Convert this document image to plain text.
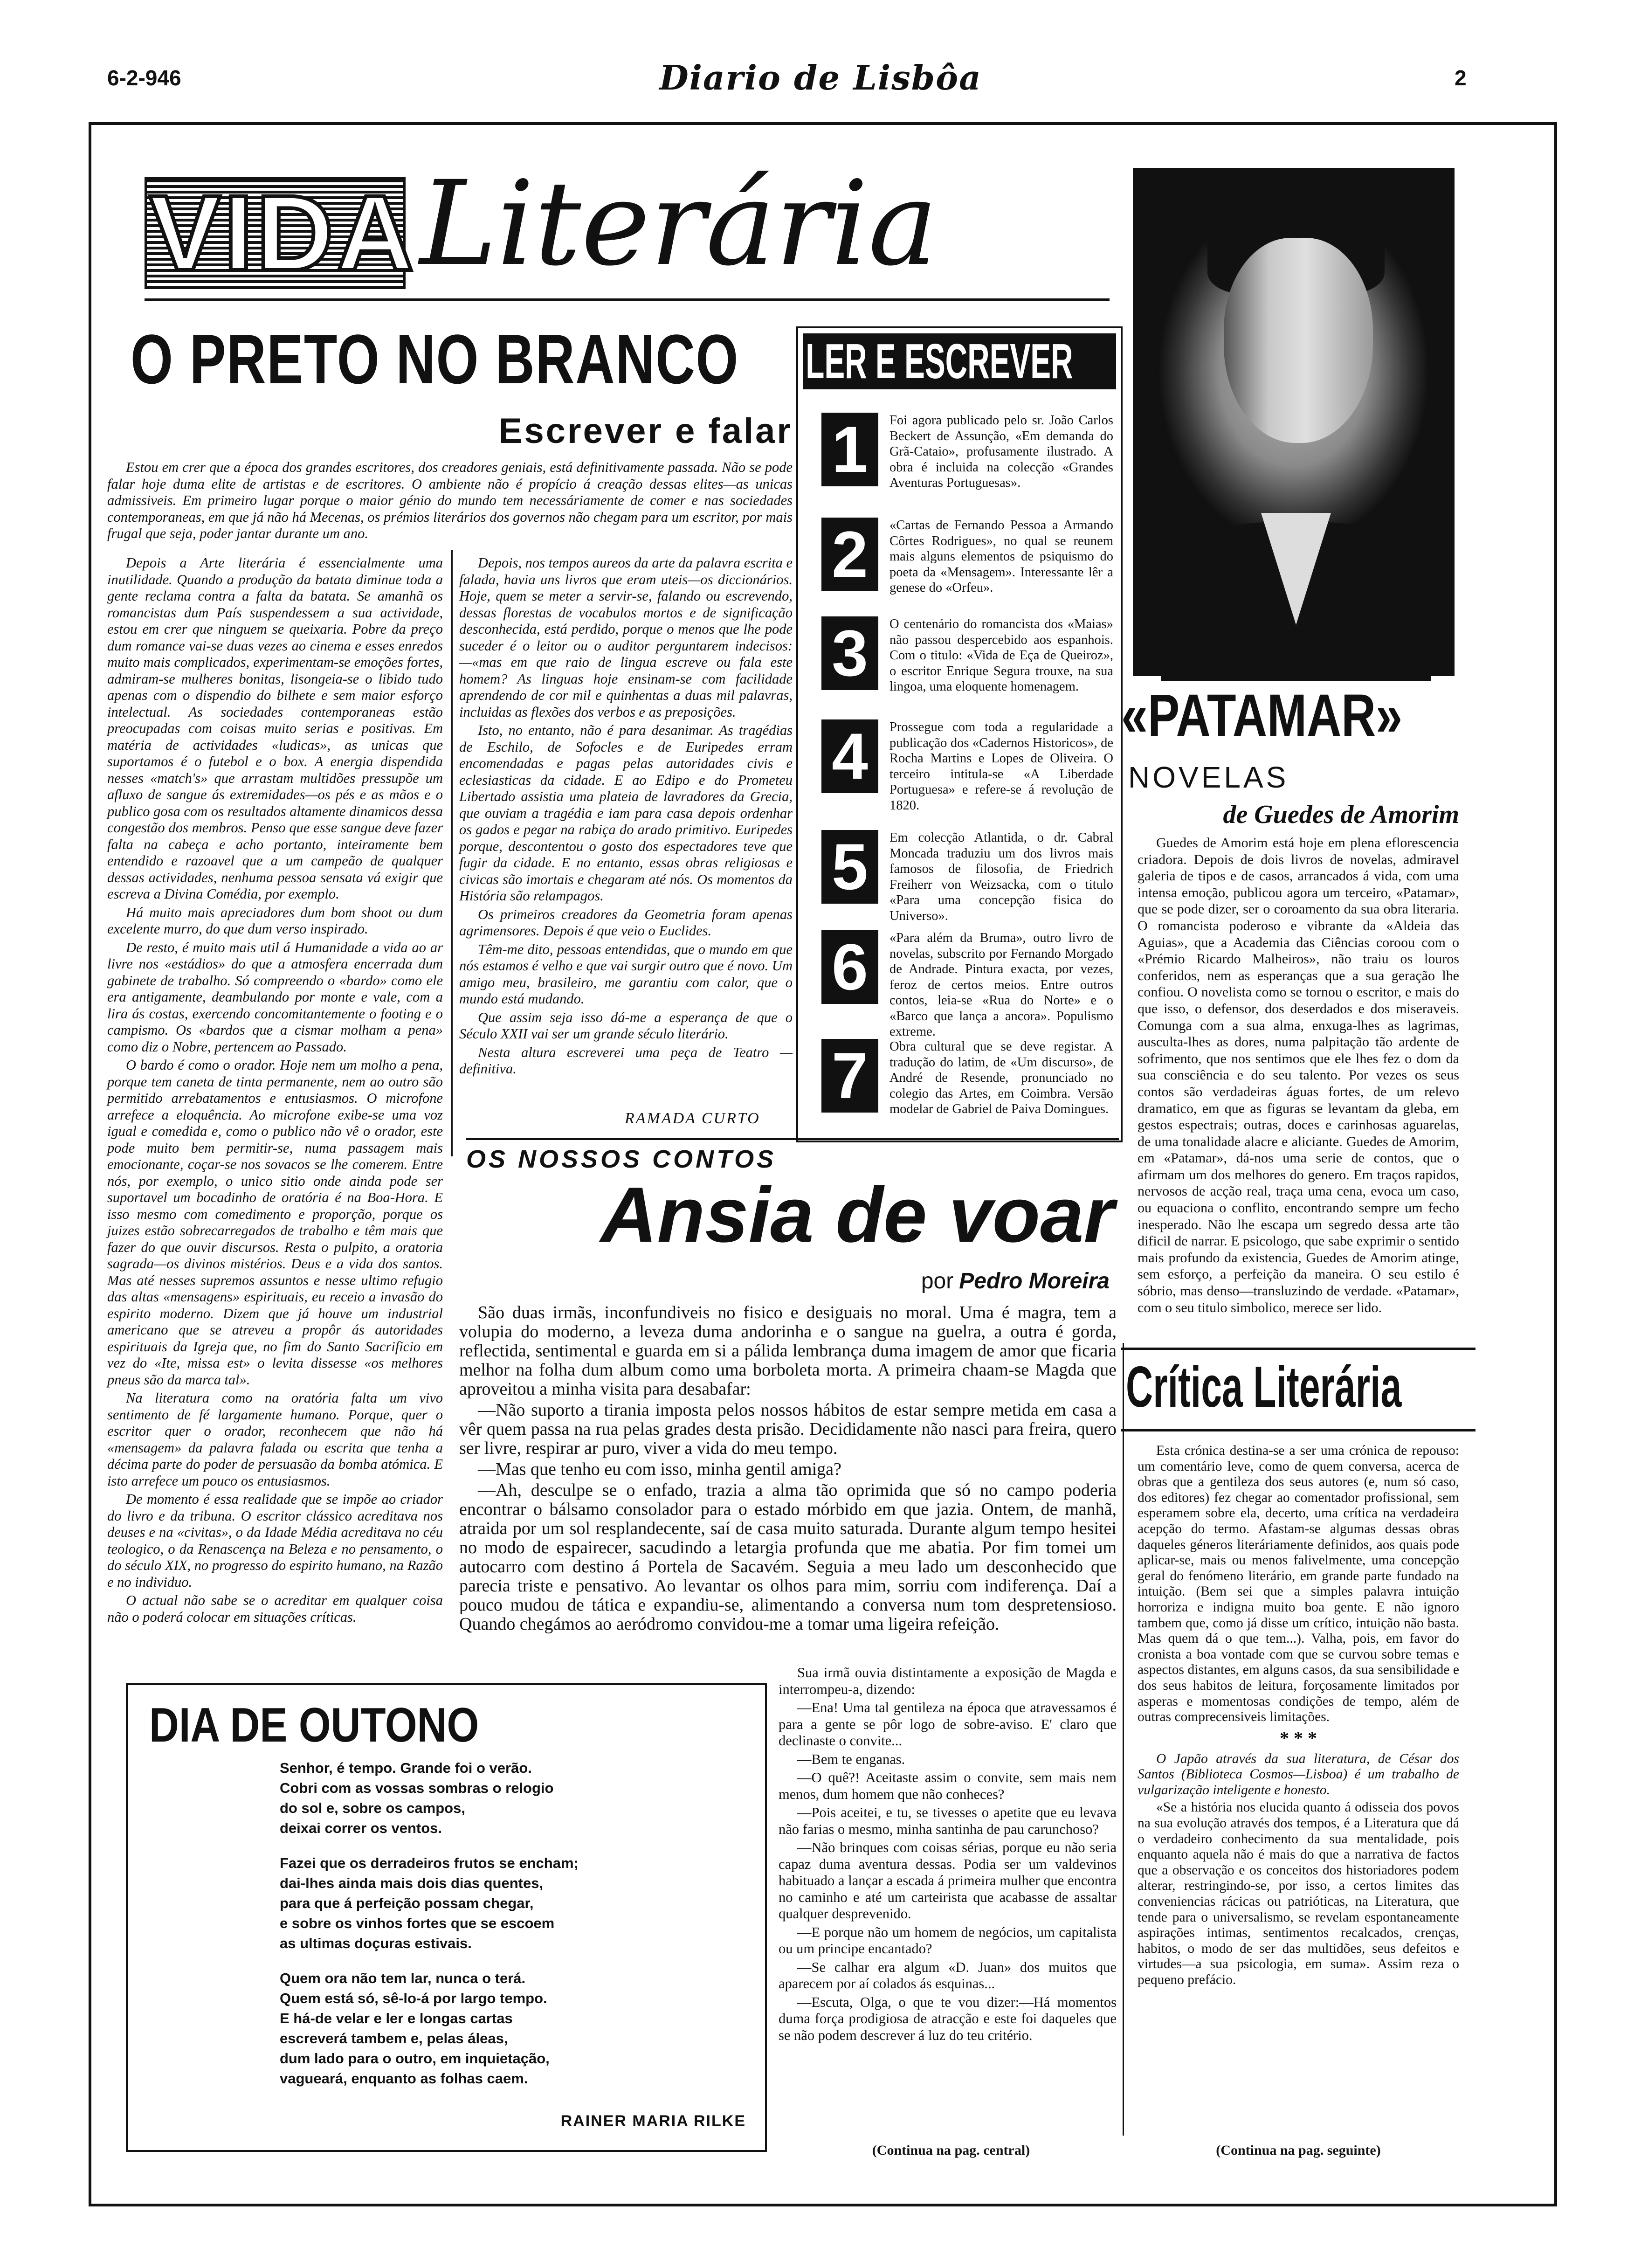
6-2-946	Diario de Lisbôa	2
VIDA Literária
O PRETO NO BRANCO
Escrever e falar

Estou em crer que a época dos grandes escritores, dos creadores geniais, está definitivamente passada. Não se pode falar hoje duma elite de artistas e de escritores. O ambiente não é propício á creação dessas elites—as unicas admissiveis. Em primeiro lugar porque o maior génio do mundo tem necessáriamente de comer e nas sociedades contemporaneas, em que já não há Mecenas, os prémios literários dos governos não chegam para um escritor, por mais frugal que seja, poder jantar durante um ano.

Depois a Arte literária é essencialmente uma inutilidade. Quando a produção da batata diminue toda a gente reclama contra a falta da batata. Se amanhã os romancistas dum País suspendessem a sua actividade, estou em crer que ninguem se queixaria. Pobre da preço dum romance vai-se duas vezes ao cinema e esses enredos muito mais complicados, experimentam-se emoções fortes, admiram-se mulheres bonitas, lisongeia-se o libido tudo apenas com o dispendio do bilhete e sem maior esforço intelectual. As sociedades contemporaneas estão preocupadas com coisas muito serias e positivas. Em matéria de actividades «ludicas», as unicas que suportamos é o futebol e o box. A energia dispendida nesses «match's» que arrastam multidões pressupõe um afluxo de sangue ás extremidades—os pés e as mãos e o publico gosa com os resultados altamente dinamicos dessa congestão dos membros. Penso que esse sangue deve fazer falta na cabeça e acho portanto, inteiramente bem entendido e razoavel que a um campeão de qualquer dessas actividades, nenhuma pessoa sensata vá exigir que escreva a Divina Comédia, por exemplo.

Há muito mais apreciadores dum bom shoot ou dum excelente murro, do que dum verso inspirado.

De resto, é muito mais util á Humanidade a vida ao ar livre nos «estádios» do que a atmosfera encerrada dum gabinete de trabalho. Só compreendo o «bardo» como ele era antigamente, deambulando por monte e vale, com a lira ás costas, exercendo concomitantemente o footing e o campismo. Os «bardos que a cismar molham a pena» como diz o Nobre, pertencem ao Passado.

O bardo é como o orador. Hoje nem um molho a pena, porque tem caneta de tinta permanente, nem ao outro são permitido arrebatamentos e entusiasmos. O microfone arrefece a eloquência. Ao microfone exibe-se uma voz igual e comedida e, como o publico não vê o orador, este pode muito bem permitir-se, numa passagem mais emocionante, coçar-se nos sovacos se lhe comerem. Entre nós, por exemplo, o unico sitio onde ainda pode ser suportavel um bocadinho de oratória é na Boa-Hora. E isso mesmo com comedimento e proporção, porque os juizes estão sobrecarregados de trabalho e têm mais que fazer do que ouvir discursos. Resta o pulpito, a oratoria sagrada—os divinos mistérios. Deus e a vida dos santos. Mas até nesses supremos assuntos e nesse ultimo refugio das altas «mensagens» espirituais, eu receio a invasão do espirito moderno. Dizem que já houve um industrial americano que se atreveu a propôr ás autoridades espirituais da Igreja que, no fim do Santo Sacrificio em vez do «Ite, missa est» o levita dissesse «os melhores pneus são da marca tal».

Na literatura como na oratória falta um vivo sentimento de fé largamente humano. Porque, quer o escritor quer o orador, reconhecem que não há «mensagem» da palavra falada ou escrita que tenha a décima parte do poder de persuasão da bomba atómica. E isto arrefece um pouco os entusiasmos.

De momento é essa realidade que se impõe ao criador do livro e da tribuna. O escritor clássico acreditava nos deuses e na «civitas», o da Idade Média acreditava no céu teologico, o da Renascença na Beleza e no pensamento, o do século XIX, no progresso do espirito humano, na Razão e no individuo.

O actual não sabe se o acreditar em qualquer coisa não o poderá colocar em situações críticas.

Depois, nos tempos aureos da arte da palavra escrita e falada, havia uns livros que eram uteis—os diccionários. Hoje, quem se meter a servir-se, falando ou escrevendo, dessas florestas de vocabulos mortos e de significação desconhecida, está perdido, porque o menos que lhe pode suceder é o leitor ou o auditor perguntarem indecisos:—«mas em que raio de lingua escreve ou fala este homem? As linguas hoje ensinam-se com facilidade aprendendo de cor mil e quinhentas a duas mil palavras, incluidas as flexões dos verbos e as preposições.

Isto, no entanto, não é para desanimar. As tragédias de Eschilo, de Sofocles e de Euripedes erram encomendadas e pagas pelas autoridades civis e eclesiasticas da cidade. E ao Edipo e do Prometeu Libertado assistia uma plateia de lavradores da Grecia, que ouviam a tragédia e iam para casa depois ordenhar os gados e pegar na rabiça do arado primitivo. Euripedes porque, descontentou o gosto dos espectadores teve que fugir da cidade. E no entanto, essas obras religiosas e civicas são imortais e chegaram até nós. Os momentos da História são relampagos.

Os primeiros creadores da Geometria foram apenas agrimensores. Depois é que veio o Euclides.

Têm-me dito, pessoas entendidas, que o mundo em que nós estamos é velho e que vai surgir outro que é novo. Um amigo meu, brasileiro, me garantiu com calor, que o mundo está mudando.

Que assim seja isso dá-me a esperança de que o Século XXII vai ser um grande século literário.

Nesta altura escreverei uma peça de Teatro —definitiva.

RAMADA CURTO
LER E ESCREVER
1	Foi agora publicado pelo sr. João Carlos Beckert de Assunção, «Em demanda do Grã-Cataio», profusamente ilustrado. A obra é incluida na colecção «Grandes Aventuras Portuguesas».
2	«Cartas de Fernando Pessoa a Armando Côrtes Rodrigues», no qual se reunem mais alguns elementos de psiquismo do poeta da «Mensagem». Interessante lêr a genese do «Orfeu».
3	O centenário do romancista dos «Maias» não passou despercebido aos espanhois. Com o titulo: «Vida de Eça de Queiroz», o escritor Enrique Segura trouxe, na sua lingoa, uma eloquente homenagem.
4	Prossegue com toda a regularidade a publicação dos «Cadernos Historicos», de Rocha Martins e Lopes de Oliveira. O terceiro intitula-se «A Liberdade Portuguesa» e refere-se á revolução de 1820.
5	Em colecção Atlantida, o dr. Cabral Moncada traduziu um dos livros mais famosos de filosofia, de Friedrich Freiherr von Weizsacka, com o titulo «Para uma concepção fisica do Universo».
6	«Para além da Bruma», outro livro de novelas, subscrito por Fernando Morgado de Andrade. Pintura exacta, por vezes, feroz de certos meios. Entre outros contos, leia-se «Rua do Norte» e o «Barco que lança a ancora». Populismo extreme.
7	Obra cultural que se deve registar. A tradução do latim, de «Um discurso», de André de Resende, pronunciado no colegio das Artes, em Coimbra. Versão modelar de Gabriel de Paiva Domingues.
«PATAMAR»
NOVELAS
de Guedes de Amorim

Guedes de Amorim está hoje em plena eflorescencia criadora. Depois de dois livros de novelas, admiravel galeria de tipos e de casos, arrancados á vida, com uma intensa emoção, publicou agora um terceiro, «Patamar», que se pode dizer, ser o coroamento da sua obra literaria. O romancista poderoso e vibrante da «Aldeia das Aguias», que a Academia das Ciências coroou com o «Prémio Ricardo Malheiros», não traiu os louros conferidos, nem as esperanças que a sua geração lhe confiou. O novelista como se tornou o escritor, e mais do que isso, o defensor, dos deserdados e dos miseraveis. Comunga com a sua alma, enxuga-lhes as lagrimas, ausculta-lhes as dores, numa palpitação tão ardente de sofrimento, que nos sentimos que ele lhes fez o dom da sua consciência e do seu talento. Por vezes os seus contos são verdadeiras águas fortes, de um relevo dramatico, em que as figuras se levantam da gleba, em gestos espectrais; outras, doces e carinhosas aguarelas, de uma tonalidade alacre e aliciante. Guedes de Amorim, em «Patamar», dá-nos uma serie de contos, que o afirmam um dos melhores do genero. Em traços rapidos, nervosos de acção real, traça uma cena, evoca um caso, ou equaciona o conflito, encontrando sempre um fecho inesperado. Não lhe escapa um segredo dessa arte tão dificil de narrar. E psicologo, que sabe exprimir o sentido mais profundo da existencia, Guedes de Amorim atinge, sem esforço, a perfeição da maneira. O seu estilo é sóbrio, mas denso—transluzindo de verdade. «Patamar», com o seu titulo simbolico, merece ser lido.

Crítica Literária

Esta crónica destina-se a ser uma crónica de repouso: um comentário leve, como de quem conversa, acerca de obras que a gentileza dos seus autores (e, num só caso, dos editores) fez chegar ao comentador profissional, sem esperamem sobre ela, decerto, uma crítica na verdadeira acepção do termo. Afastam-se algumas dessas obras daqueles géneros literáriamente definidos, aos quais pode aplicar-se, mais ou menos falivelmente, uma concepção geral do fenómeno literário, em grande parte fundado na intuição. (Bem sei que a simples palavra intuição horroriza e indigna muito boa gente. E não ignoro tambem que, como já disse um crítico, intuição não basta. Mas quem dá o que tem...). Valha, pois, em favor do cronista a boa vontade com que se curvou sobre temas e aspectos distantes, em alguns casos, da sua sensibilidade e dos seus habitos de leitura, forçosamente limitados por asperas e momentosas condições de tempo, além de outras comprecensiveis limitações.

* * *

O Japão através da sua literatura, de César dos Santos (Biblioteca Cosmos—Lisboa) é um trabalho de vulgarização inteligente e honesto.

«Se a história nos elucida quanto á odisseia dos povos na sua evolução através dos tempos, é a Literatura que dá o verdadeiro conhecimento da sua mentalidade, pois enquanto aquela não é mais do que a narrativa de factos que a observação e os conceitos dos historiadores podem alterar, restringindo-se, por isso, a certos limites das conveniencias rácicas ou patrióticas, na Literatura, que tende para o universalismo, se revelam espontaneamente aspirações intimas, sentimentos recalcados, crenças, habitos, o modo de ser das multidões, seus defeitos e virtudes—a sua psicologia, em suma». Assim reza o pequeno prefácio.

(Continua na pag. seguinte)
OS NOSSOS CONTOS
Ansia de voar
por Pedro Moreira

São duas irmãs, inconfundiveis no fisico e desiguais no moral. Uma é magra, tem a volupia do moderno, a leveza duma andorinha e o sangue na guelra, a outra é gorda, reflectida, sentimental e guarda em si a pálida lembrança duma imagem de amor que ficaria melhor na folha dum album como uma borboleta morta. A primeira chaam-se Magda que aproveitou a minha visita para desabafar:

—Não suporto a tirania imposta pelos nossos hábitos de estar sempre metida em casa a vêr quem passa na rua pelas grades desta prisão. Decididamente não nasci para freira, quero ser livre, respirar ar puro, viver a vida do meu tempo.

—Mas que tenho eu com isso, minha gentil amiga?

—Ah, desculpe se o enfado, trazia a alma tão oprimida que só no campo poderia encontrar o bálsamo consolador para o estado mórbido em que jazia. Ontem, de manhã, atraida por um sol resplandecente, saí de casa muito saturada. Durante algum tempo hesitei no modo de espairecer, sacudindo a letargia profunda que me abatia. Por fim tomei um autocarro com destino á Portela de Sacavém. Seguia a meu lado um desconhecido que parecia triste e pensativo. Ao levantar os olhos para mim, sorriu com indiferença. Daí a pouco mudou de tática e expandiu-se, alimentando a conversa num tom despretensioso. Quando chegámos ao aeródromo convidou-me a tomar uma ligeira refeição.

Sua irmã ouvia distintamente a exposição de Magda e interrompeu-a, dizendo:

—Ena! Uma tal gentileza na época que atravessamos é para a gente se pôr logo de sobre-aviso. E' claro que declinaste o convite...

—Bem te enganas.

—O quê?! Aceitaste assim o convite, sem mais nem menos, dum homem que não conheces?

—Pois aceitei, e tu, se tivesses o apetite que eu levava não farias o mesmo, minha santinha de pau carunchoso?

—Não brinques com coisas sérias, porque eu não seria capaz duma aventura dessas. Podia ser um valdevinos habituado a lançar a escada á primeira mulher que encontra no caminho e até um carteirista que acabasse de assaltar qualquer desprevenido.

—E porque não um homem de negócios, um capitalista ou um principe encantado?

—Se calhar era algum «D. Juan» dos muitos que aparecem por aí colados ás esquinas...

—Escuta, Olga, o que te vou dizer:—Há momentos duma força prodigiosa de atracção e este foi daqueles que se não podem descrever á luz do teu critério.

(Continua na pag. central)
DIA DE OUTONO

Senhor, é tempo. Grande foi o verão.

Cobri com as vossas sombras o relogio

do sol e, sobre os campos,

deixai correr os ventos.

Fazei que os derradeiros frutos se encham;

dai-lhes ainda mais dois dias quentes,

para que á perfeição possam chegar,

e sobre os vinhos fortes que se escoem

as ultimas doçuras estivais.

Quem ora não tem lar, nunca o terá.

Quem está só, sê-lo-á por largo tempo.

E há-de velar e ler e longas cartas

escreverá tambem e, pelas áleas,

dum lado para o outro, em inquietação,

vagueará, enquanto as folhas caem.

RAINER MARIA RILKE
